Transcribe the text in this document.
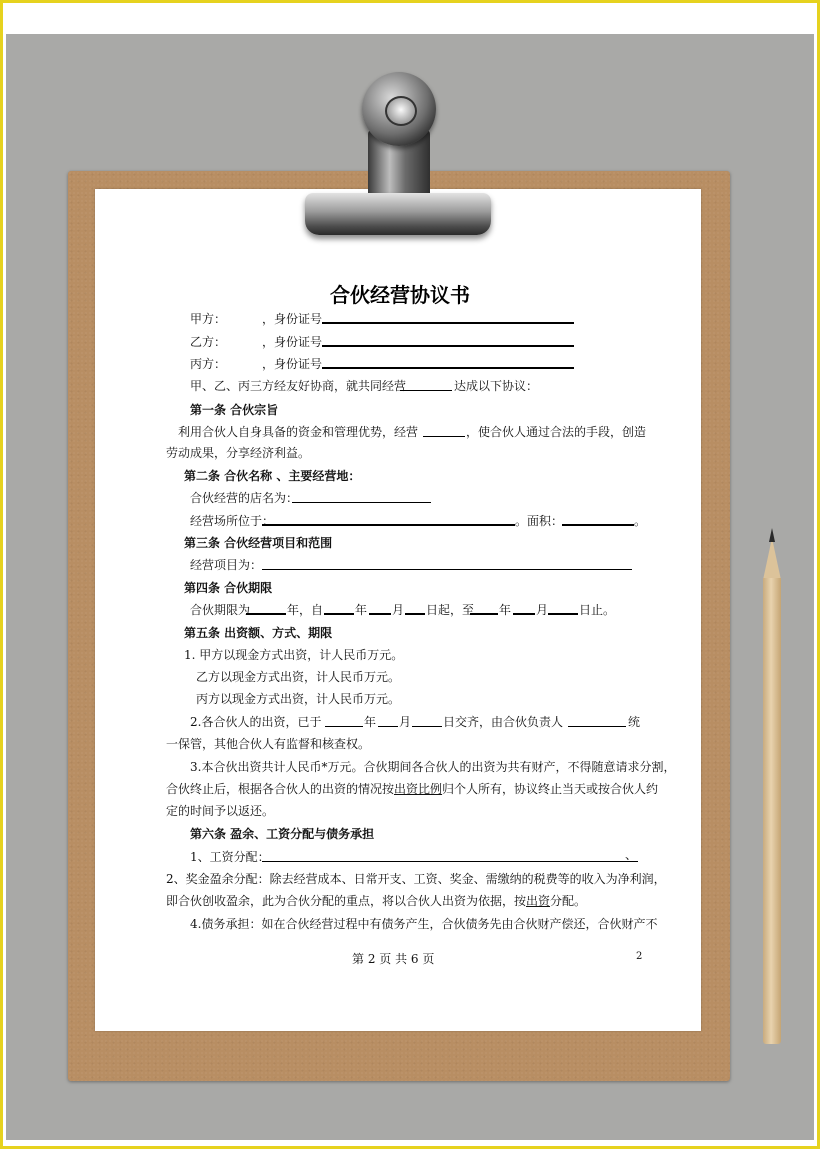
合伙经营协议书
甲方：	，身份证号
乙方：	，身份证号
丙方：	，身份证号
甲、乙、丙三方经友好协商，就共同经营	达成以下协议：
第一条 合伙宗旨
利用合伙人自身具备的资金和管理优势，经营	，使合伙人通过合法的手段，创造
劳动成果，分享经济利益。
第二条 合伙名称 、主要经营地：
合伙经营的店名为：
经营场所位于：	。面积：	。
第三条 合伙经营项目和范围
经营项目为：
第四条 合伙期限
合伙期限为	年，自	年 月 日起，至 年 月	日止。
第五条 出资额、方式、期限
1. 甲方以现金方式出资，计人民币万元。
乙方以现金方式出资，计人民币万元。
丙方以现金方式出资，计人民币万元。
2.各合伙人的出资，已于	年 月	日交齐，由合伙负责人	统
一保管，其他合伙人有监督和核查权。
3.本合伙出资共计人民币*万元。合伙期间各合伙人的出资为共有财产，不得随意请求分割，
合伙终止后，根据各合伙人的出资的情况按出资比例归个人所有，协议终止当天或按合伙人约
定的时间予以返还。
第六条 盈余、工资分配与债务承担
1、工资分配：	、
2、奖金盈余分配：除去经营成本、日常开支、工资、奖金、需缴纳的税费等的收入为净利润，
即合伙创收盈余，此为合伙分配的重点，将以合伙人出资为依据，按出资分配。
4.债务承担：如在合伙经营过程中有债务产生，合伙债务先由合伙财产偿还，合伙财产不
第 2 页 共 6 页	2
